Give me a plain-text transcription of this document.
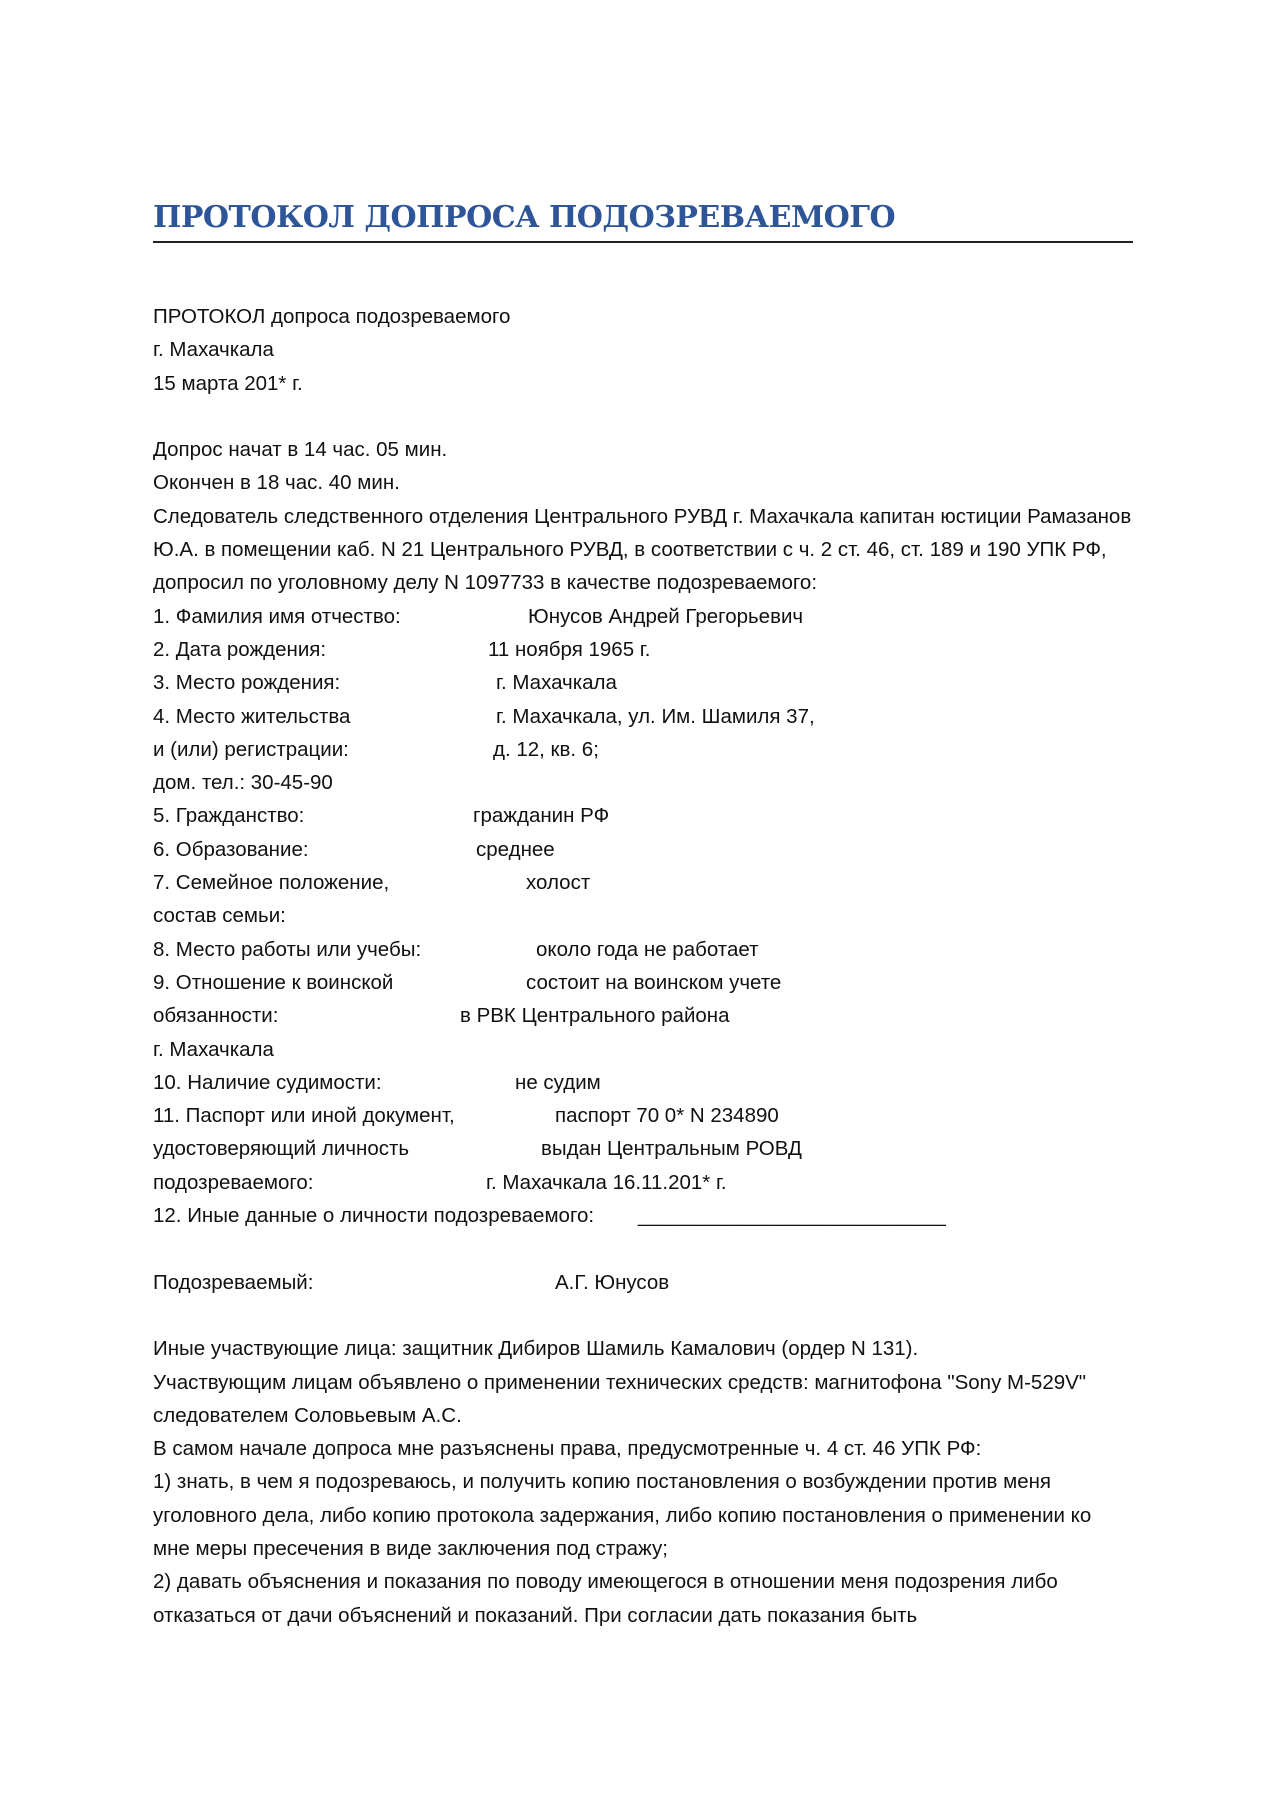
ПРОТОКОЛ ДОПРОСА ПОДОЗРЕВАЕМОГО
ПРОТОКОЛ допроса подозреваемого
г. Махачкала
15 марта 201* г.
Допрос начат в 14 час. 05 мин.
Окончен в 18 час. 40 мин.
Следователь следственного отделения Центрального РУВД г. Махачкала капитан юстиции Рамазанов Ю.А. в помещении каб. N 21 Центрального РУВД, в соответствии с ч. 2 ст. 46, ст. 189 и 190 УПК РФ, допросил по уголовному делу N 1097733 в качестве подозреваемого:
1. Фамилия имя отчество:	Юнусов Андрей Грегорьевич
2. Дата рождения:	11 ноября 1965 г.
3. Место рождения:	г. Махачкала
4. Место жительства	г. Махачкала, ул. Им. Шамиля 37,
и (или) регистрации:	д. 12, кв. 6;
дом. тел.: 30-45-90
5. Гражданство:	гражданин РФ
6. Образование:	среднее
7. Семейное положение,	холост
состав семьи:
8. Место работы или учебы:	около года не работает
9. Отношение к воинской	состоит на воинском учете
обязанности:	в РВК Центрального района
г. Махачкала
10. Наличие судимости:	не судим
11. Паспорт или иной документ,	паспорт 70 0* N 234890
удостоверяющий личность	выдан Центральным РОВД
подозреваемого:	г. Махачкала 16.11.201* г.
12. Иные данные о личности подозреваемого: ___________________________
Подозреваемый:	А.Г. Юнусов
Иные участвующие лица: защитник Дибиров Шамиль Камалович (ордер N 131).
Участвующим лицам объявлено о применении технических средств: магнитофона "Sony M-529V" следователем Соловьевым А.С.
В самом начале допроса мне разъяснены права, предусмотренные ч. 4 ст. 46 УПК РФ:
1) знать, в чем я подозреваюсь, и получить копию постановления о возбуждении против меня уголовного дела, либо копию протокола задержания, либо копию постановления о применении ко мне меры пресечения в виде заключения под стражу;
2) давать объяснения и показания по поводу имеющегося в отношении меня подозрения либо отказаться от дачи объяснений и показаний. При согласии дать показания быть
